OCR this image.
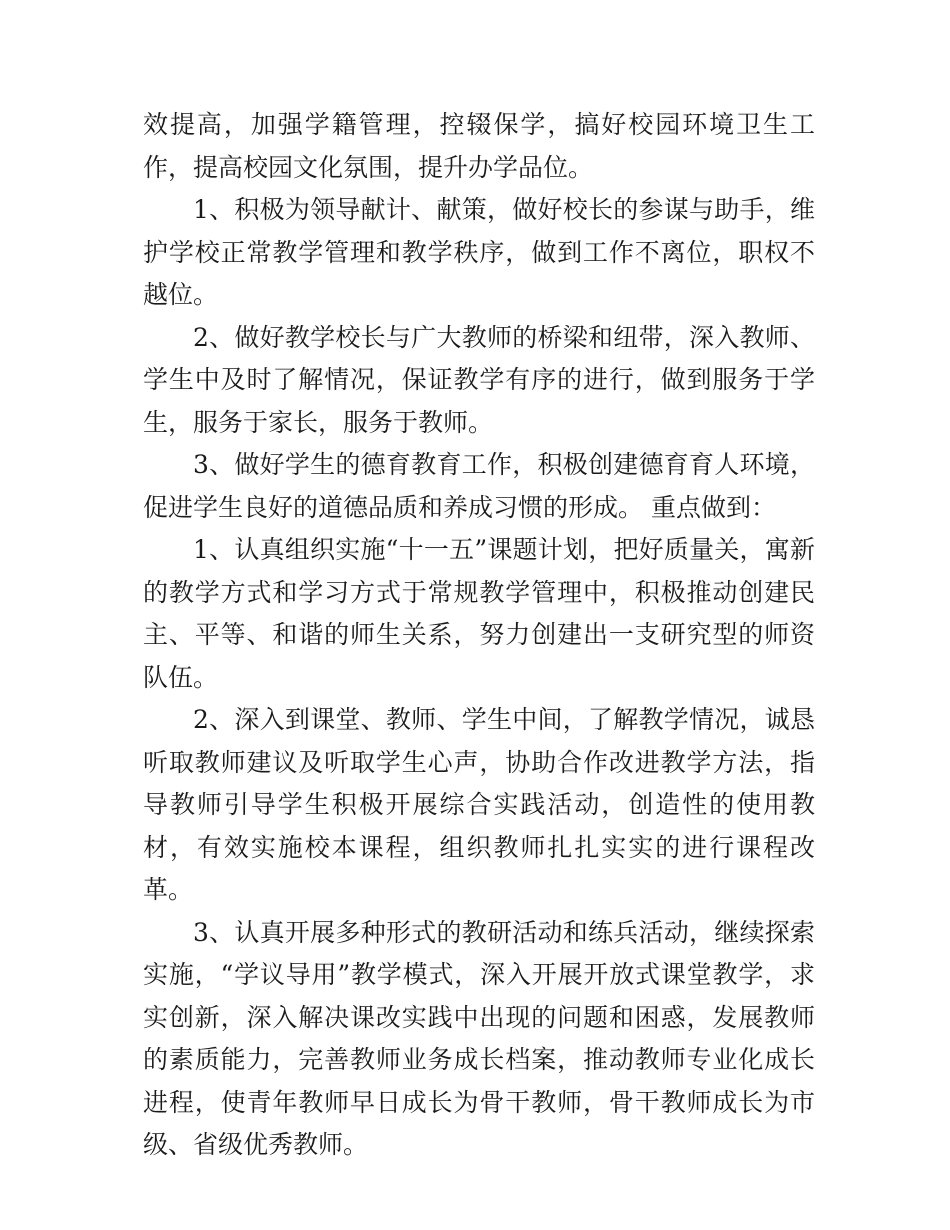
效提高，加强学籍管理，控辍保学，搞好校园环境卫生工作，提高校园文化氛围，提升办学品位。

1、积极为领导献计、献策，做好校长的参谋与助手，维护学校正常教学管理和教学秩序，做到工作不离位，职权不越位。

2、做好教学校长与广大教师的桥梁和纽带，深入教师、学生中及时了解情况，保证教学有序的进行，做到服务于学生，服务于家长，服务于教师。

3、做好学生的德育教育工作，积极创建德育育人环境，促进学生良好的道德品质和养成习惯的形成。 重点做到：

1、认真组织实施“十一五”课题计划，把好质量关，寓新的教学方式和学习方式于常规教学管理中，积极推动创建民主、平等、和谐的师生关系，努力创建出一支研究型的师资队伍。

2、深入到课堂、教师、学生中间，了解教学情况，诚恳听取教师建议及听取学生心声，协助合作改进教学方法，指导教师引导学生积极开展综合实践活动，创造性的使用教材，有效实施校本课程，组织教师扎扎实实的进行课程改革。

3、认真开展多种形式的教研活动和练兵活动，继续探索实施，“学议导用”教学模式，深入开展开放式课堂教学，求实创新，深入解决课改实践中出现的问题和困惑，发展教师的素质能力，完善教师业务成长档案，推动教师专业化成长进程，使青年教师早日成长为骨干教师，骨干教师成长为市级、省级优秀教师。
